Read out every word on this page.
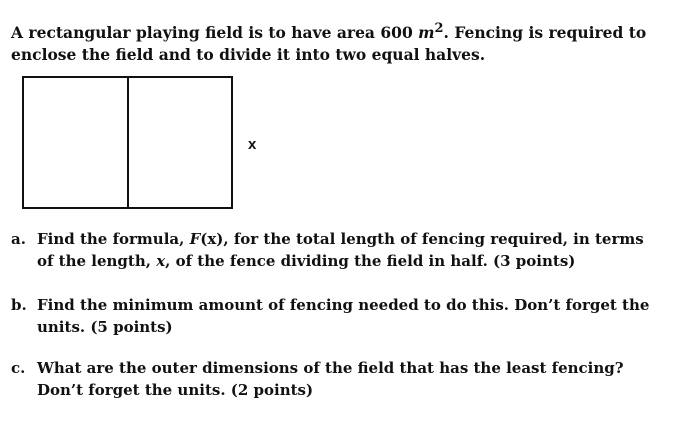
A rectangular playing field is to have area 600 $m^2$. Fencing is required to enclose the field and to divide it into two equal halves.
x
a. Find the formula, F(x), for the total length of fencing required, in terms of the length, x, of the fence dividing the field in half. (3 points)
b. Find the minimum amount of fencing needed to do this. Don’t forget the units. (5 points)
c. What are the outer dimensions of the field that has the least fencing? Don’t forget the units. (2 points)
